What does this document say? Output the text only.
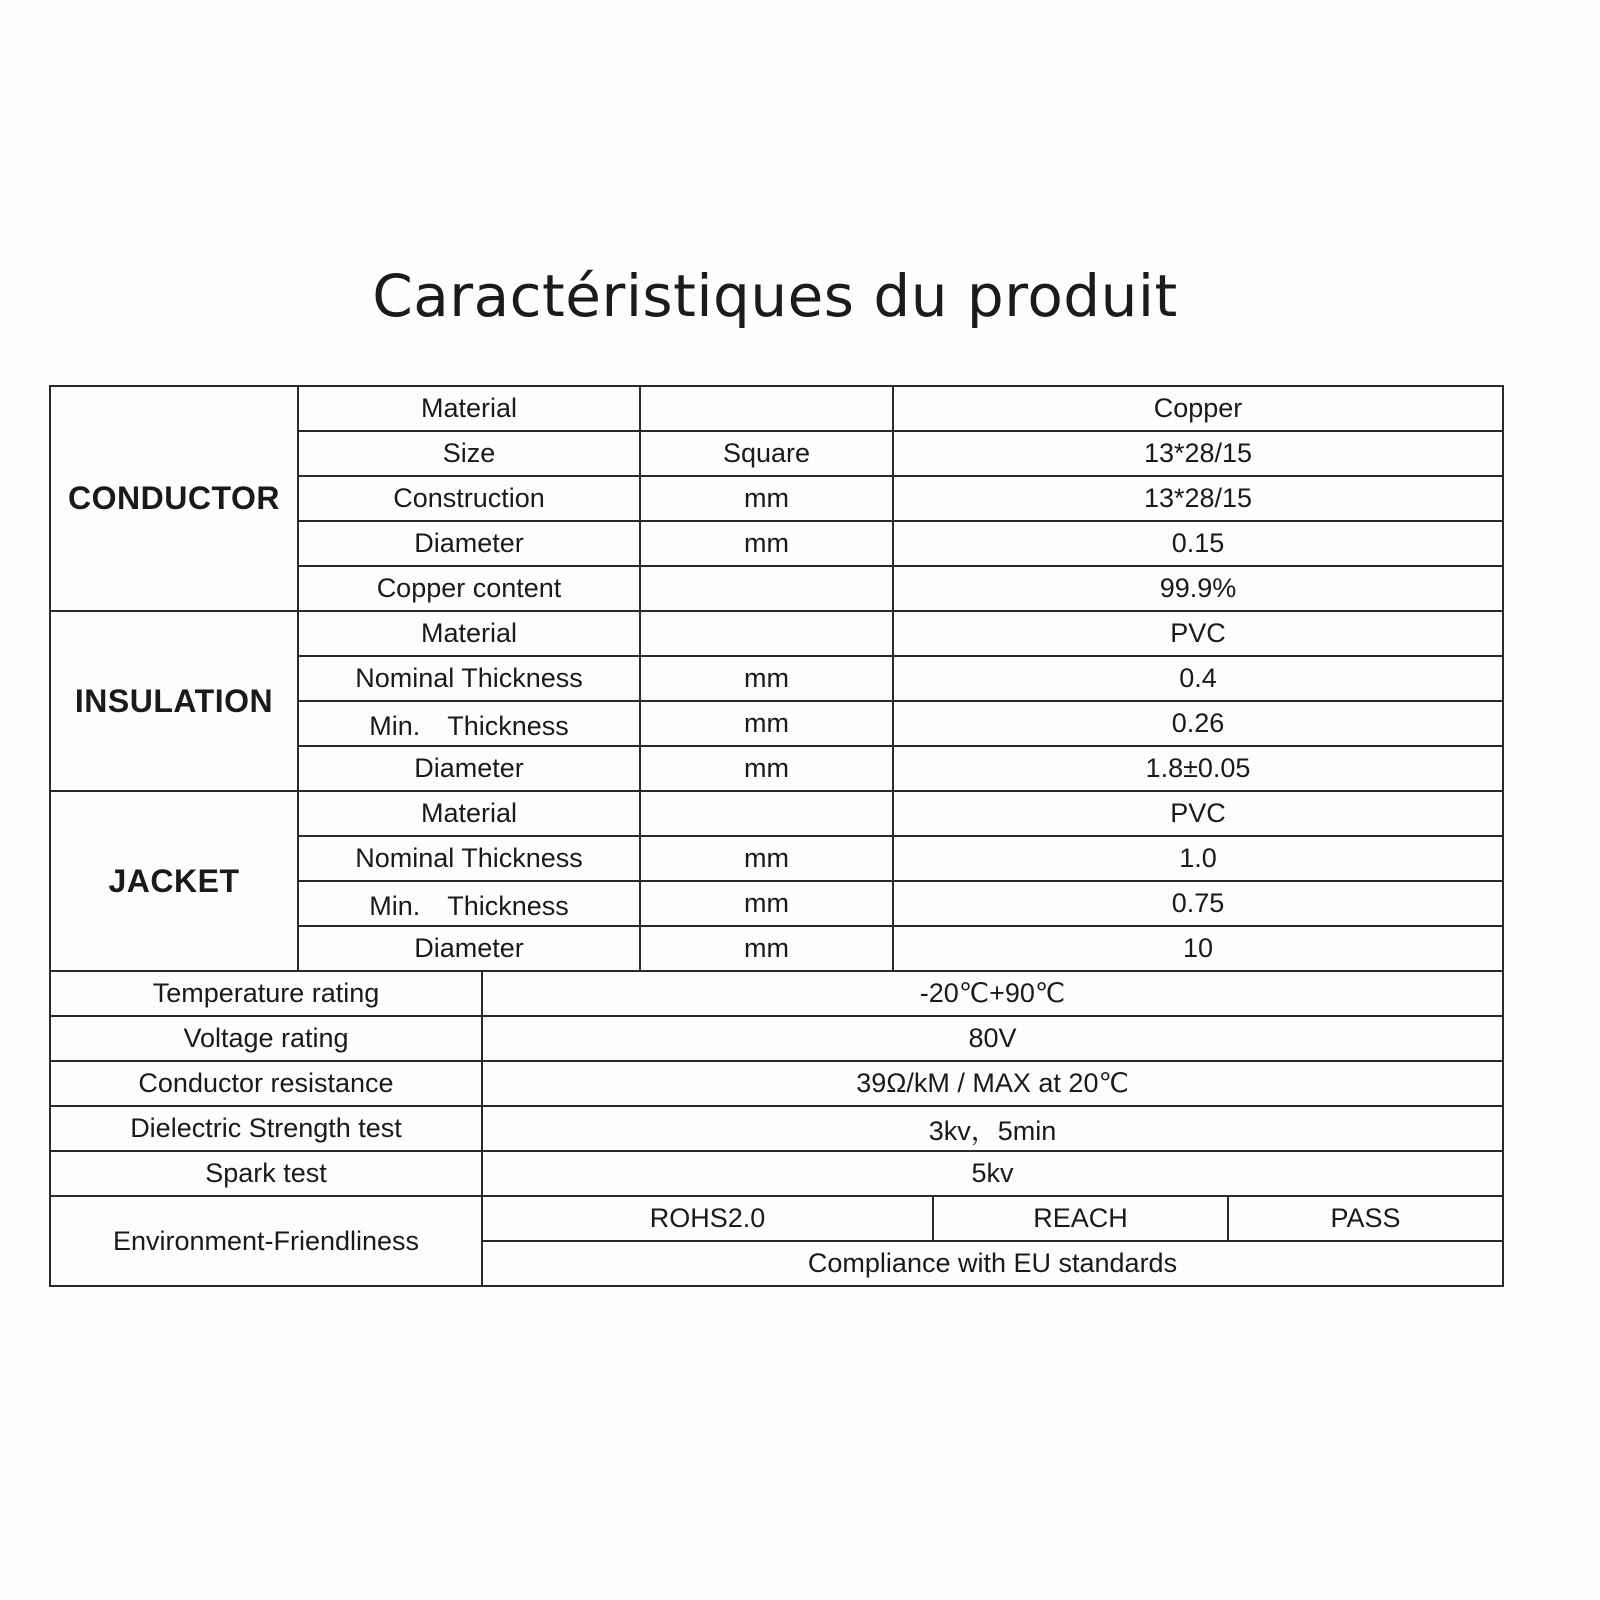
Caractéristiques du produit
CONDUCTOR	Material			Copper		
	Size		Square	13*28/15		
	Construction		mm	13*28/15		
	Diameter		mm	0.15		
	Copper content			99.9%		
INSULATION	Material			PVC		
	Nominal Thickness		mm	0.4		
	Min.　Thickness		mm	0.26		
	Diameter		mm	1.8±0.05		
JACKET	Material			PVC		
	Nominal Thickness		mm	1.0		
	Min.　Thickness		mm	0.75		
	Diameter		mm	10		
Temperature rating		-20℃+90℃				
Voltage rating		80V				
Conductor resistance		39Ω/kM / MAX at 20℃				
Dielectric Strength test		3kv，5min				
Spark test		5kv				
Environment-Friendliness		ROHS2.0			REACH	PASS
		Compliance with EU standards				
